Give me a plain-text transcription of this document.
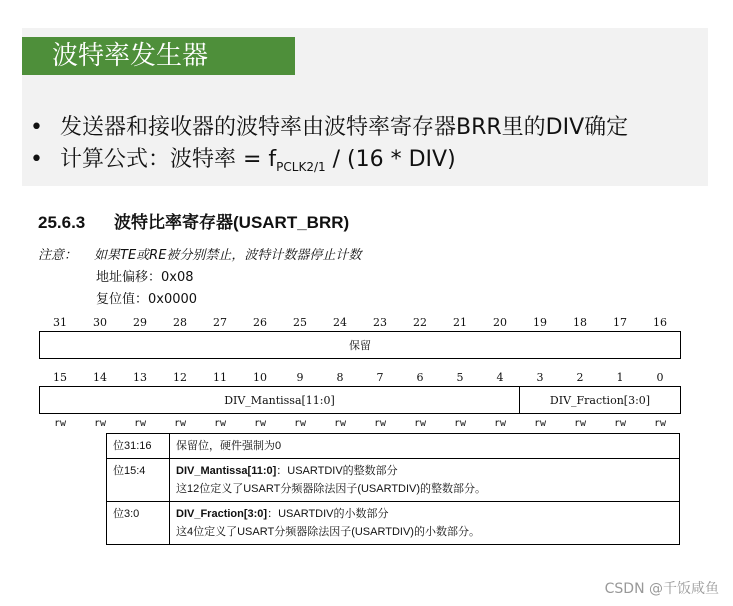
波特率发生器
• 发送器和接收器的波特率由波特率寄存器BRR里的DIV确定
• 计算公式：波特率 = $f_{PCLK2/1} / (16 * DIV)$
25.6.3 波特比率寄存器(USART_BRR)
注意： 如果TE或RE被分别禁止，波特计数器停止计数
地址偏移：0x08
复位值：0x0000
31	30	29	28	27	26	25	24	23	22	21	20	19	18	17	16
保留
15	14	13	12	11	10	9	8	7	6	5	4	3	2	1	0
DIV_Mantissa[11:0]	DIV_Fraction[3:0]
rw	rw	rw	rw	rw	rw	rw	rw	rw	rw	rw	rw	rw	rw	rw	rw
位31:16	保留位，硬件强制为0
位15:4	DIV_Mantissa[11:0]：USARTDIV的整数部分
这12位定义了USART分频器除法因子(USARTDIV)的整数部分。
位3:0	DIV_Fraction[3:0]：USARTDIV的小数部分
这4位定义了USART分频器除法因子(USARTDIV)的小数部分。
CSDN @千饭咸鱼
